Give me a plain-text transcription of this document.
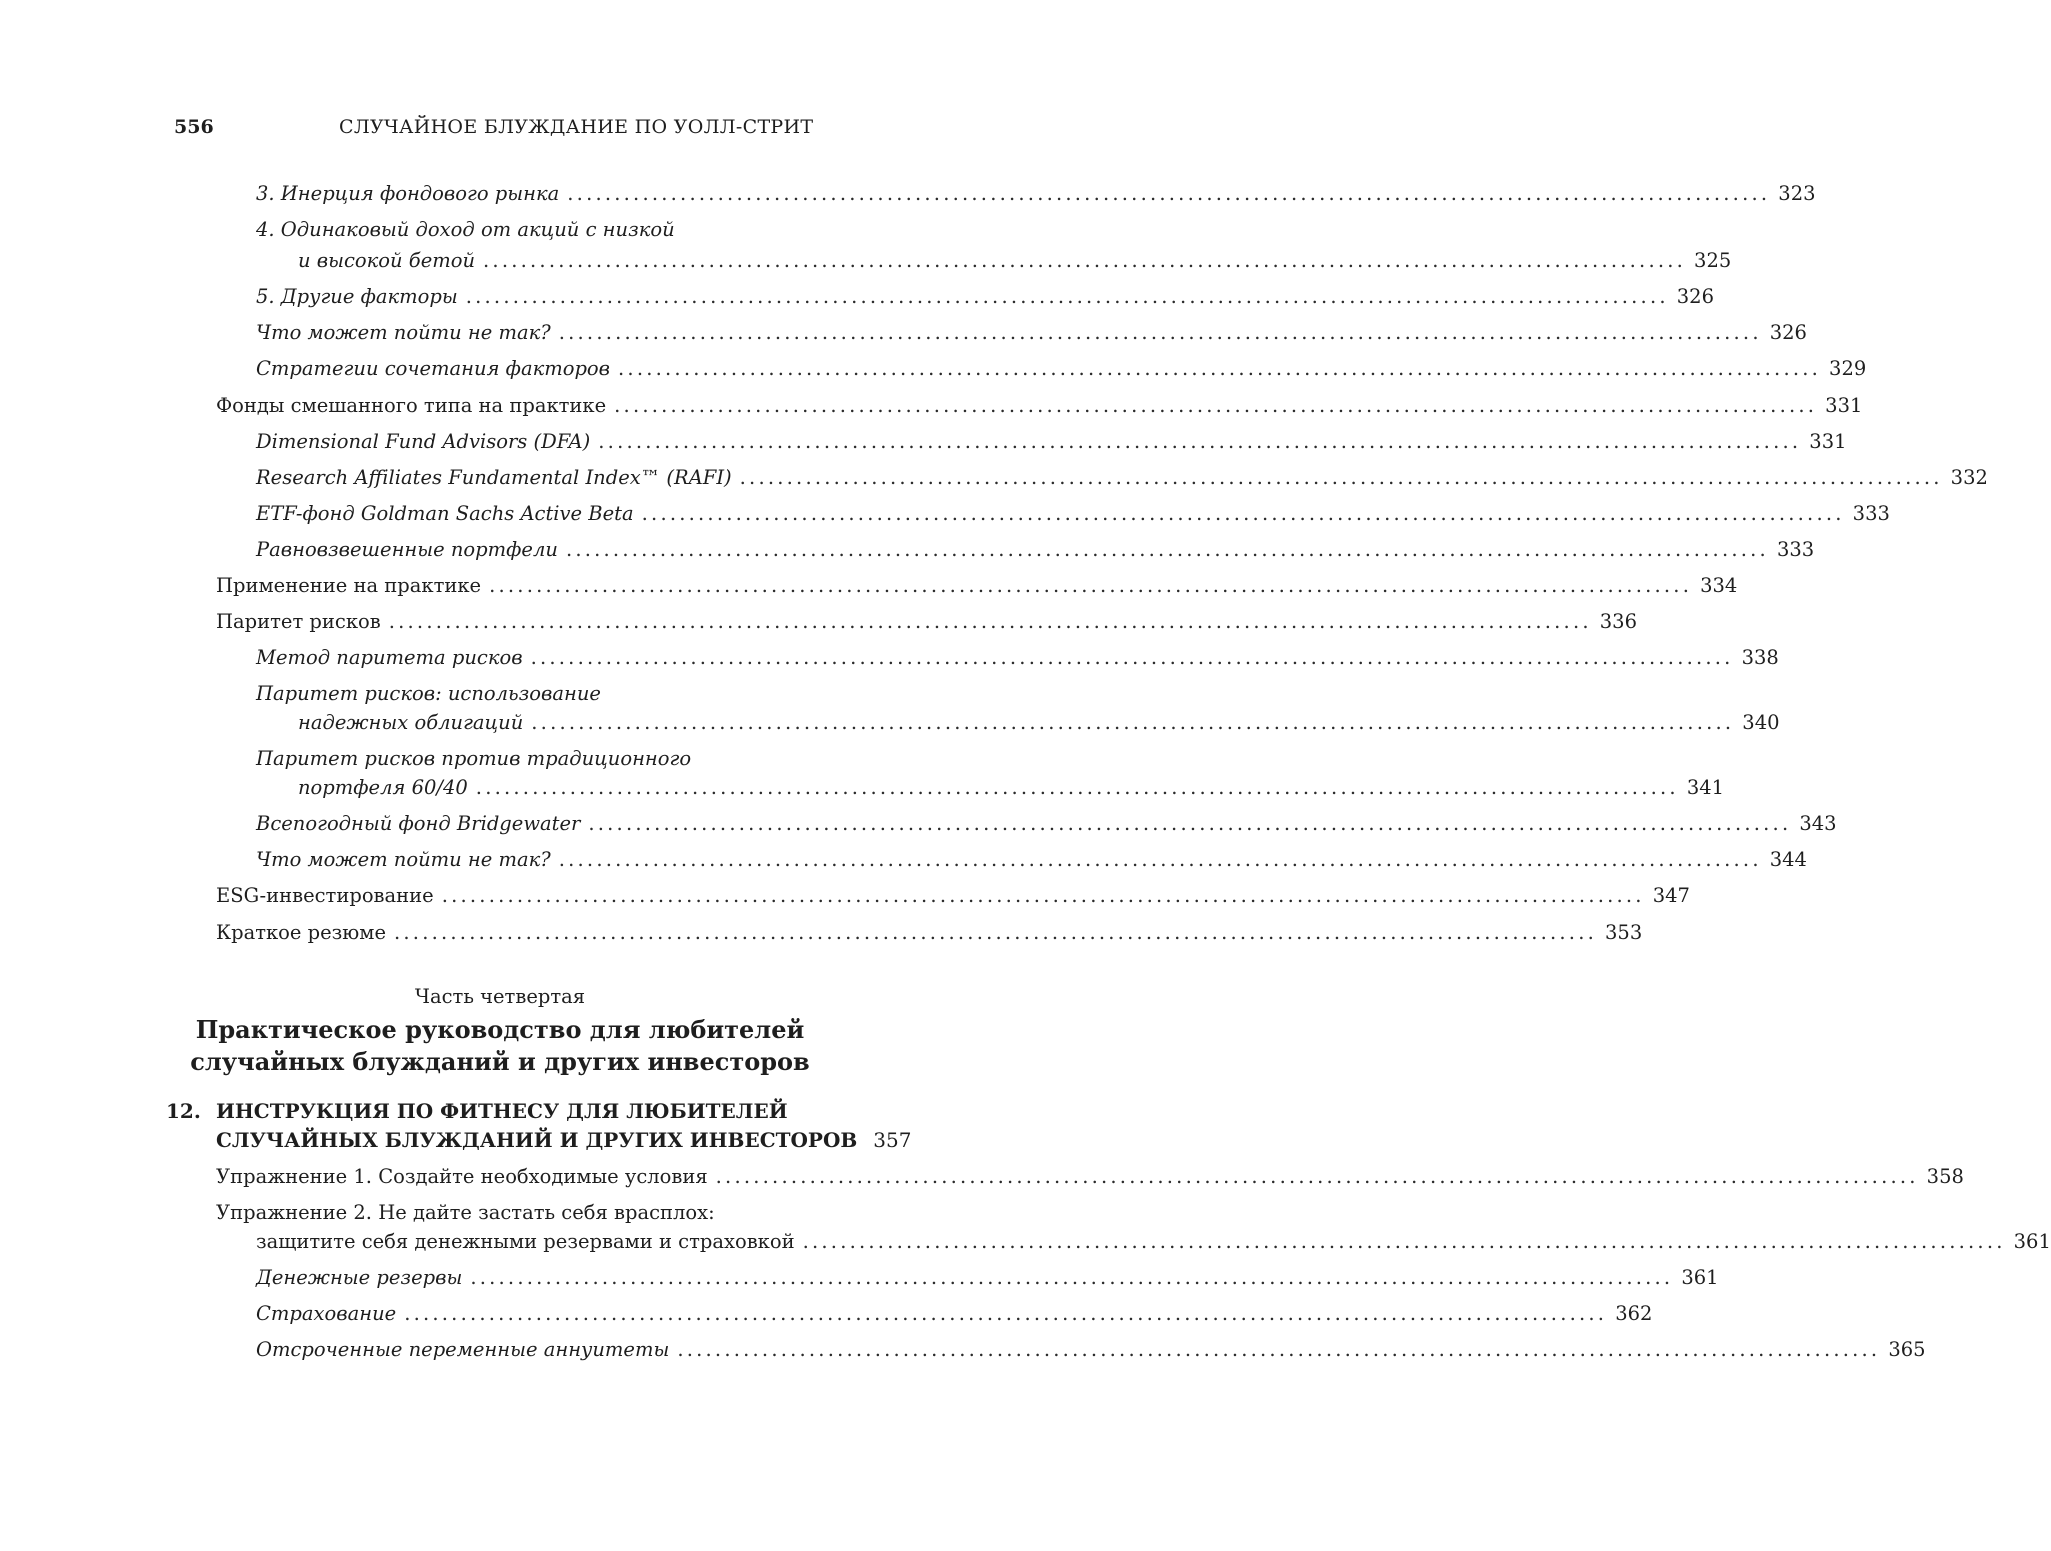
556	СЛУЧАЙНОЕ БЛУЖДАНИЕ ПО УОЛЛ-СТРИТ
3. Инерция фондового рынка ................................................................................................................................ 323
4. Одинаковый доход от акций с низкой
и высокой бетой ................................................................................................................................ 325
5. Другие факторы ................................................................................................................................ 326
Что может пойти не так? ................................................................................................................................ 326
Стратегии сочетания факторов ................................................................................................................................ 329
Фонды смешанного типа на практике ................................................................................................................................ 331
Dimensional Fund Advisors (DFA) ................................................................................................................................ 331
Research Affiliates Fundamental Index™ (RAFI) ................................................................................................................................ 332
ETF-фонд Goldman Sachs Active Beta ................................................................................................................................ 333
Равновзвешенные портфели ................................................................................................................................ 333
Применение на практике ................................................................................................................................ 334
Паритет рисков ................................................................................................................................ 336
Метод паритета рисков ................................................................................................................................ 338
Паритет рисков: использование
надежных облигаций ................................................................................................................................ 340
Паритет рисков против традиционного
портфеля 60/40 ................................................................................................................................ 341
Всепогодный фонд Bridgewater ................................................................................................................................ 343
Что может пойти не так? ................................................................................................................................ 344
ESG-инвестирование ................................................................................................................................ 347
Краткое резюме ................................................................................................................................ 353
Часть четвертая
Практическое руководство для любителей
случайных блужданий и других инвесторов
12. ИНСТРУКЦИЯ ПО ФИТНЕСУ ДЛЯ ЛЮБИТЕЛЕЙ
СЛУЧАЙНЫХ БЛУЖДАНИЙ И ДРУГИХ ИНВЕСТОРОВ 357
Упражнение 1. Создайте необходимые условия ................................................................................................................................ 358
Упражнение 2. Не дайте застать себя врасплох:
защитите себя денежными резервами и страховкой ................................................................................................................................ 361
Денежные резервы ................................................................................................................................ 361
Страхование ................................................................................................................................ 362
Отсроченные переменные аннуитеты ................................................................................................................................ 365
